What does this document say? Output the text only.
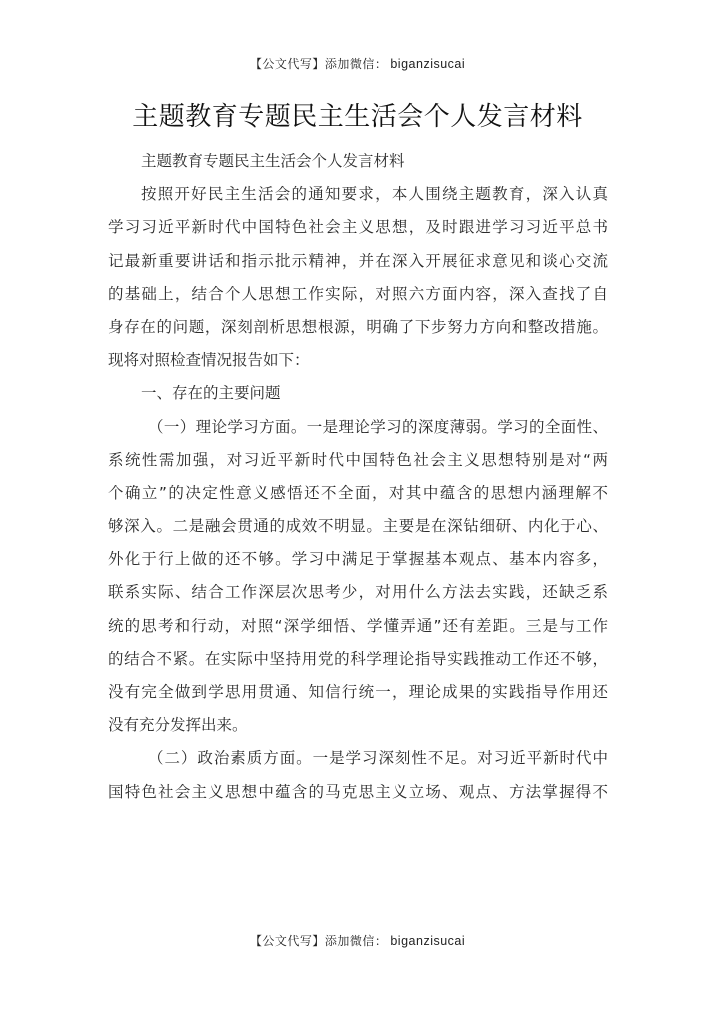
【公文代写】添加微信： biganzisucai
主题教育专题民主生活会个人发言材料
主题教育专题民主生活会个人发言材料
按照开好民主生活会的通知要求，本人围绕主题教育，深入认真
学习习近平新时代中国特色社会主义思想，及时跟进学习习近平总书
记最新重要讲话和指示批示精神，并在深入开展征求意见和谈心交流
的基础上，结合个人思想工作实际，对照六方面内容，深入查找了自
身存在的问题，深刻剖析思想根源，明确了下步努力方向和整改措施。
现将对照检查情况报告如下：
一、存在的主要问题
（一）理论学习方面。一是理论学习的深度薄弱。学习的全面性、
系统性需加强，对习近平新时代中国特色社会主义思想特别是对“两
个确立”的决定性意义感悟还不全面，对其中蕴含的思想内涵理解不
够深入。二是融会贯通的成效不明显。主要是在深钻细研、内化于心、
外化于行上做的还不够。学习中满足于掌握基本观点、基本内容多，
联系实际、结合工作深层次思考少，对用什么方法去实践，还缺乏系
统的思考和行动，对照“深学细悟、学懂弄通”还有差距。三是与工作
的结合不紧。在实际中坚持用党的科学理论指导实践推动工作还不够，
没有完全做到学思用贯通、知信行统一，理论成果的实践指导作用还
没有充分发挥出来。
（二）政治素质方面。一是学习深刻性不足。对习近平新时代中
国特色社会主义思想中蕴含的马克思主义立场、观点、方法掌握得不
【公文代写】添加微信： biganzisucai
